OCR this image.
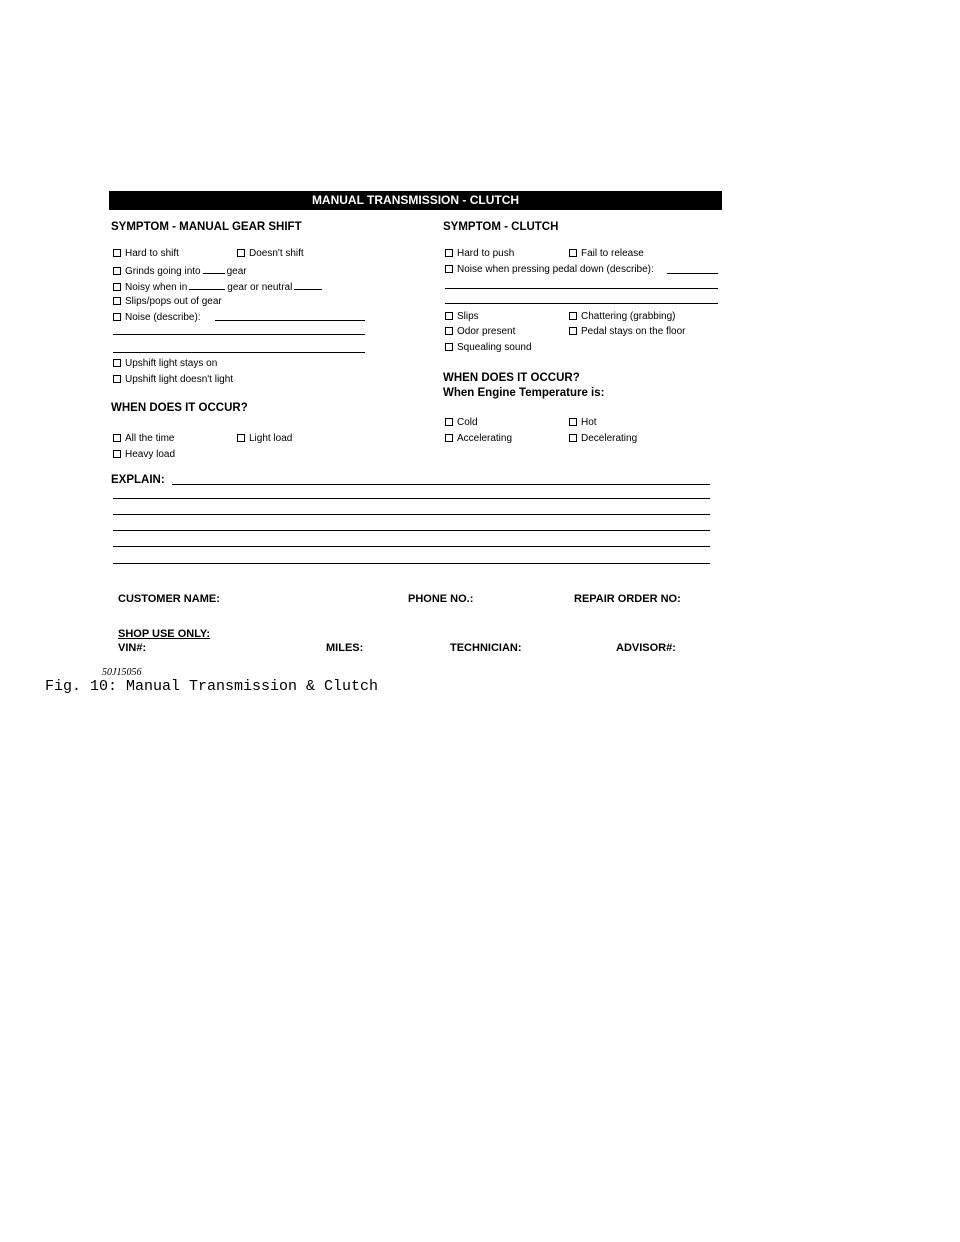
MANUAL TRANSMISSION - CLUTCH
SYMPTOM - MANUAL GEAR SHIFT
Hard to shift	Doesn't shift
Grinds going into	gear
Noisy when in	gear or neutral
Slips/pops out of gear
Noise (describe):
Upshift light stays on
Upshift light doesn't light
WHEN DOES IT OCCUR?
All the time	Light load
Heavy load
SYMPTOM - CLUTCH
Hard to push	Fail to release
Noise when pressing pedal down (describe):
Slips	Chattering (grabbing)
Odor present	Pedal stays on the floor
Squealing sound
WHEN DOES IT OCCUR?
When Engine Temperature is:
Cold	Hot
Accelerating	Decelerating
EXPLAIN:
CUSTOMER NAME:	PHONE NO.:	REPAIR ORDER NO:
SHOP USE ONLY:
VIN#:	MILES:	TECHNICIAN:	ADVISOR#:
50J15056
Fig. 10: Manual Transmission & Clutch
